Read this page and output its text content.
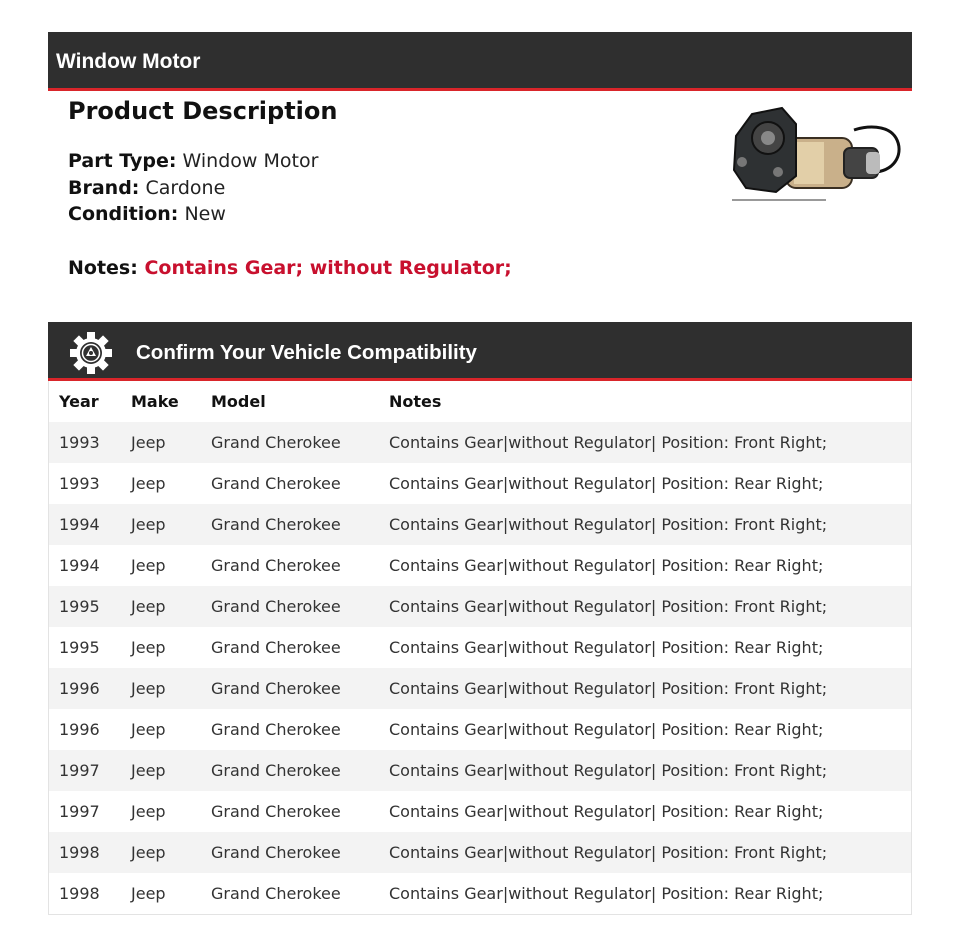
Window Motor
Product Description
Part Type: Window Motor
Brand: Cardone
Condition: New
Notes: Contains Gear; without Regulator;
Confirm Your Vehicle Compatibility
Year	Make	Model	Notes
1993	Jeep	Grand Cherokee	Contains Gear|without Regulator| Position: Front Right;
1993	Jeep	Grand Cherokee	Contains Gear|without Regulator| Position: Rear Right;
1994	Jeep	Grand Cherokee	Contains Gear|without Regulator| Position: Front Right;
1994	Jeep	Grand Cherokee	Contains Gear|without Regulator| Position: Rear Right;
1995	Jeep	Grand Cherokee	Contains Gear|without Regulator| Position: Front Right;
1995	Jeep	Grand Cherokee	Contains Gear|without Regulator| Position: Rear Right;
1996	Jeep	Grand Cherokee	Contains Gear|without Regulator| Position: Front Right;
1996	Jeep	Grand Cherokee	Contains Gear|without Regulator| Position: Rear Right;
1997	Jeep	Grand Cherokee	Contains Gear|without Regulator| Position: Front Right;
1997	Jeep	Grand Cherokee	Contains Gear|without Regulator| Position: Rear Right;
1998	Jeep	Grand Cherokee	Contains Gear|without Regulator| Position: Front Right;
1998	Jeep	Grand Cherokee	Contains Gear|without Regulator| Position: Rear Right;
